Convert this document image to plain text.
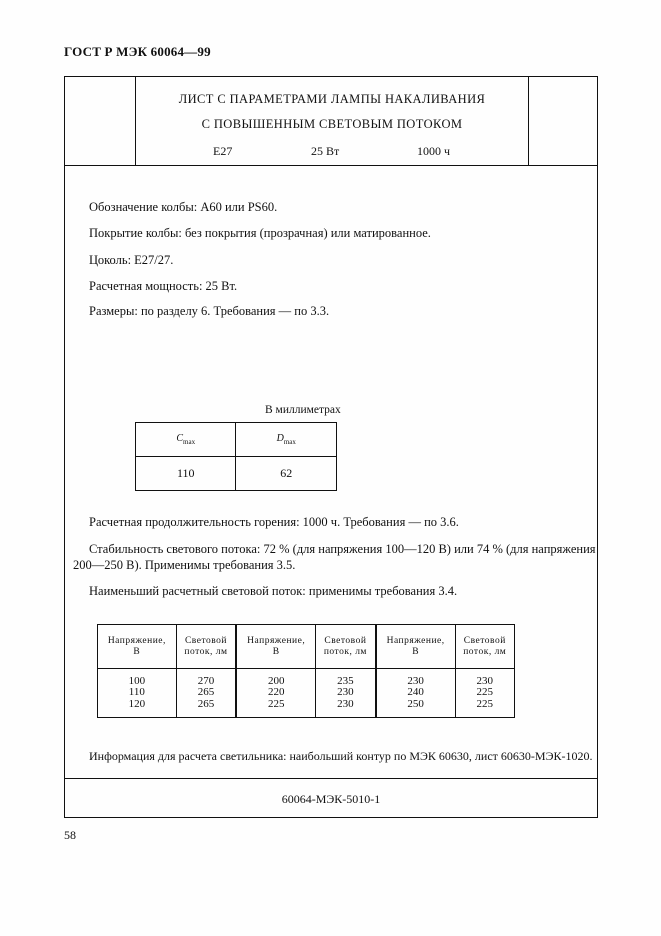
ГОСТ Р МЭК 60064—99
ЛИСТ С ПАРАМЕТРАМИ ЛАМПЫ НАКАЛИВАНИЯ
С ПОВЫШЕННЫМ СВЕТОВЫМ ПОТОКОМ
E27	25 Вт	1000 ч
Обозначение колбы: А60 или PS60.
Покрытие колбы: без покрытия (прозрачная) или матированное.
Цоколь: E27/27.
Расчетная мощность: 25 Вт.
Размеры: по разделу 6. Требования — по 3.3.
В миллиметрах
$C_{max}$	$D_{max}$
110	62
Расчетная продолжительность горения: 1000 ч. Требования — по 3.6.
Стабильность светового потока: 72 % (для напряжения 100—120 В) или 74 % (для напряжения
200—250 В). Применимы требования 3.5.
Наименьший расчетный световой поток: применимы требования 3.4.
Напряжение,
В	Световой
поток, лм	Напряжение,
В	Световой
поток, лм	Напряжение,
В	Световой
поток, лм
100
110
120	270
265
265	200
220
225	235
230
230	230
240
250	230
225
225
Информация для расчета светильника: наибольший контур по МЭК 60630, лист 60630-МЭК-1020.
60064-МЭК-5010-1
58
